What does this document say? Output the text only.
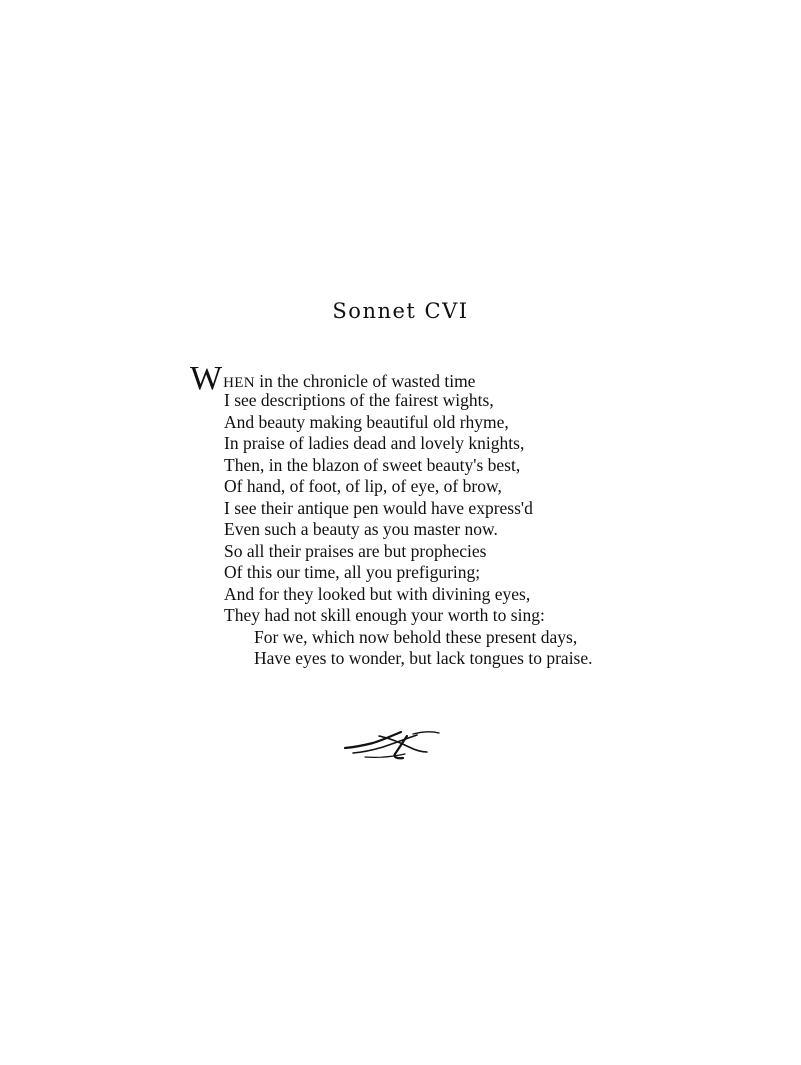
Sonnet CVI
WHEN in the chronicle of wasted time
I see descriptions of the fairest wights,
And beauty making beautiful old rhyme,
In praise of ladies dead and lovely knights,
Then, in the blazon of sweet beauty's best,
Of hand, of foot, of lip, of eye, of brow,
I see their antique pen would have express'd
Even such a beauty as you master now.
So all their praises are but prophecies
Of this our time, all you prefiguring;
And for they looked but with divining eyes,
They had not skill enough your worth to sing:
For we, which now behold these present days,
Have eyes to wonder, but lack tongues to praise.
